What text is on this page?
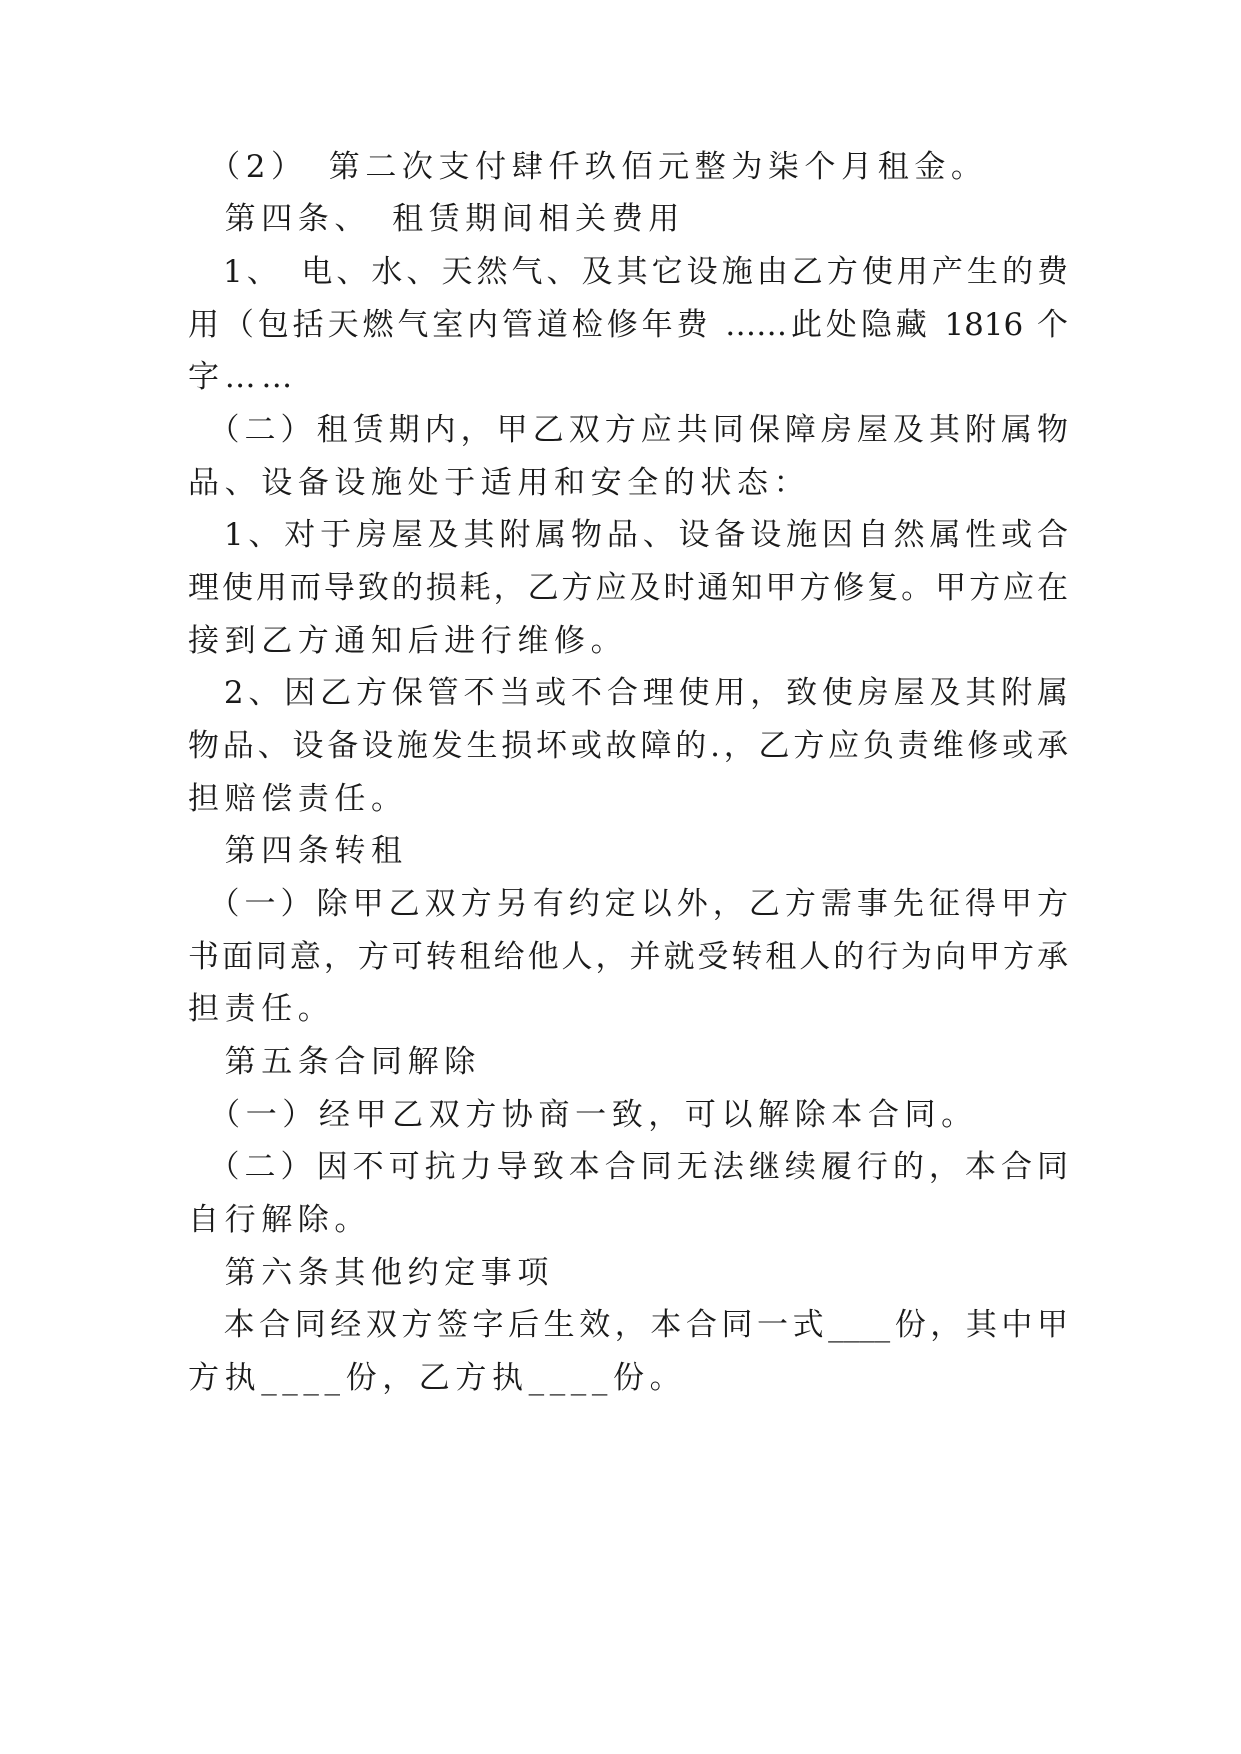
　（2）　第二次支付肆仟玖佰元整为柒个月租金。
　第四条、　租赁期间相关费用
　1、　电、水、天然气、及其它设施由乙方使用产生的费
用（包括天燃气室内管道检修年费 ……此处隐藏 1816 个
字……
　（二）租赁期内，甲乙双方应共同保障房屋及其附属物
品、设备设施处于适用和安全的状态：
　1、对于房屋及其附属物品、设备设施因自然属性或合
理使用而导致的损耗，乙方应及时通知甲方修复。甲方应在
接到乙方通知后进行维修。
　2、因乙方保管不当或不合理使用，致使房屋及其附属
物品、设备设施发生损坏或故障的.，乙方应负责维修或承
担赔偿责任。
　第四条转租
　（一）除甲乙双方另有约定以外，乙方需事先征得甲方
书面同意，方可转租给他人，并就受转租人的行为向甲方承
担责任。
　第五条合同解除
　（一）经甲乙双方协商一致，可以解除本合同。
　（二）因不可抗力导致本合同无法继续履行的，本合同
自行解除。
　第六条其他约定事项
　本合同经双方签字后生效，本合同一式____份，其中甲
方执____份，乙方执____份。
